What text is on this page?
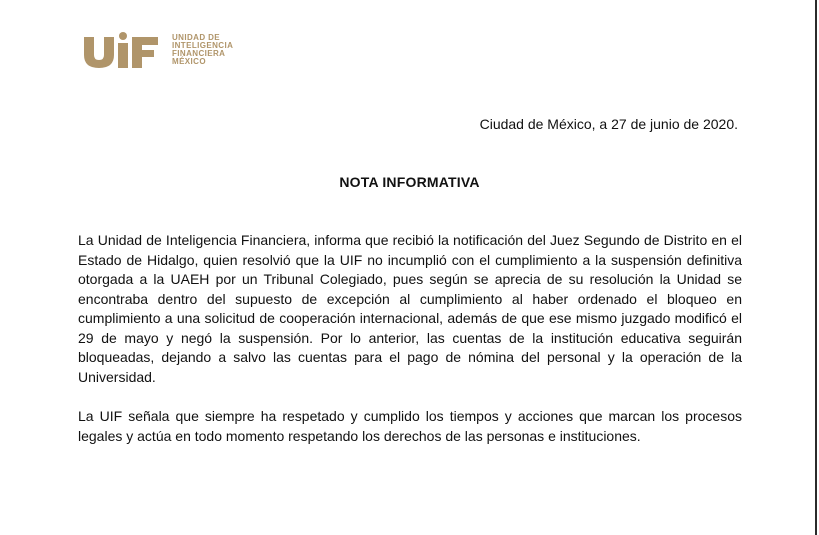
UNIDAD DE
INTELIGENCIA
FINANCIERA
MÉXICO
Ciudad de México, a 27 de junio de 2020.
NOTA INFORMATIVA
La Unidad de Inteligencia Financiera, informa que recibió la notificación del Juez Segundo de Distrito en el Estado de Hidalgo, quien resolvió que la UIF no incumplió con el cumplimiento a la suspensión definitiva otorgada a la UAEH por un Tribunal Colegiado, pues según se aprecia de su resolución la Unidad se encontraba dentro del supuesto de excepción al cumplimiento al haber ordenado el bloqueo en cumplimiento a una solicitud de cooperación internacional, además de que ese mismo juzgado modificó el 29 de mayo y negó la suspensión. Por lo anterior, las cuentas de la institución educativa seguirán bloqueadas, dejando a salvo las cuentas para el pago de nómina del personal y la operación de la Universidad.
La UIF señala que siempre ha respetado y cumplido los tiempos y acciones que marcan los procesos legales y actúa en todo momento respetando los derechos de las personas e instituciones.
